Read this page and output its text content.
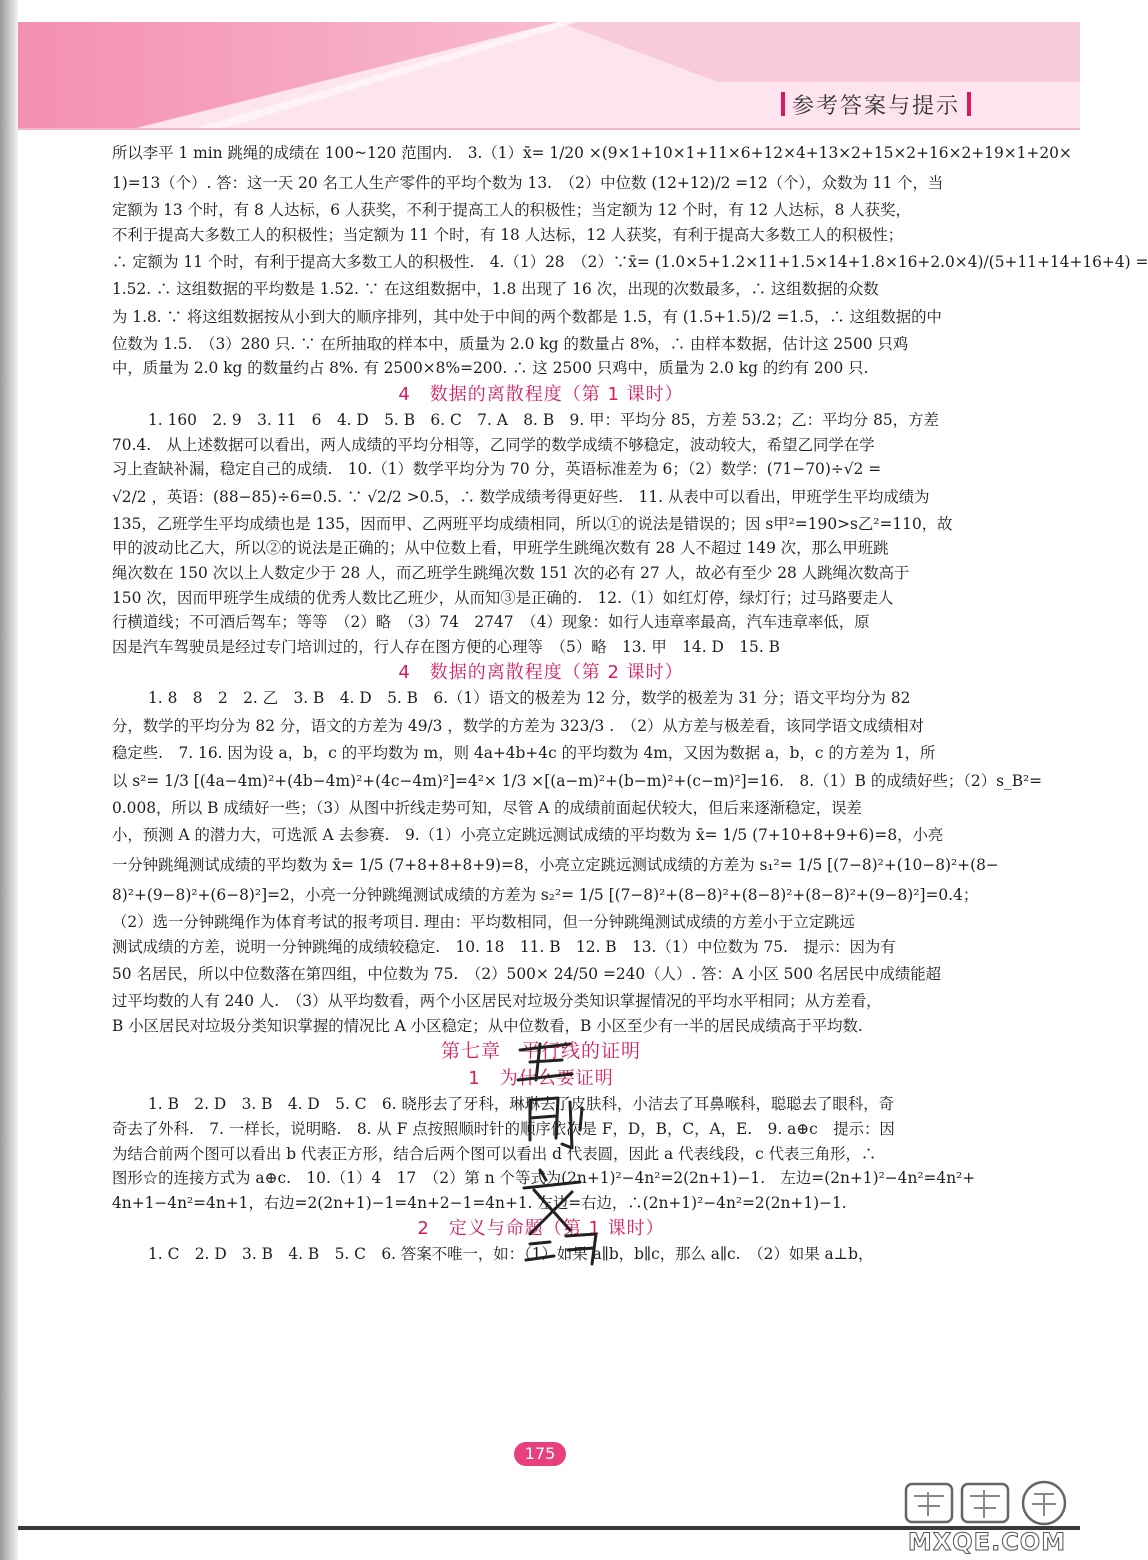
参考答案与提示
所以李平 1 min 跳绳的成绩在 100~120 范围内.　3.（1）x̄= 1/20 ×(9×1+10×1+11×6+12×4+13×2+15×2+16×2+19×1+20×
1)=13（个）. 答：这一天 20 名工人生产零件的平均个数为 13.　（2）中位数 (12+12)/2 =12（个），众数为 11 个，当
定额为 13 个时，有 8 人达标，6 人获奖，不利于提高工人的积极性；当定额为 12 个时，有 12 人达标，8 人获奖，
不利于提高大多数工人的积极性；当定额为 11 个时，有 18 人达标，12 人获奖，有利于提高大多数工人的积极性；
∴ 定额为 11 个时，有利于提高大多数工人的积极性.　4.（1）28　（2）∵x̄= (1.0×5+1.2×11+1.5×14+1.8×16+2.0×4)/(5+11+14+16+4) =
1.52. ∴ 这组数据的平均数是 1.52. ∵ 在这组数据中，1.8 出现了 16 次，出现的次数最多，∴ 这组数据的众数
为 1.8. ∵ 将这组数据按从小到大的顺序排列，其中处于中间的两个数都是 1.5，有 (1.5+1.5)/2 =1.5，∴ 这组数据的中
位数为 1.5.　（3）280 只. ∵ 在所抽取的样本中，质量为 2.0 kg 的数量占 8%，∴ 由样本数据，估计这 2500 只鸡
中，质量为 2.0 kg 的数量约占 8%. 有 2500×8%=200. ∴ 这 2500 只鸡中，质量为 2.0 kg 的约有 200 只.
4　数据的离散程度（第 1 课时）
1. 160　2. 9　3. 11　6　4. D　5. B　6. C　7. A　8. B　9. 甲：平均分 85，方差 53.2；乙：平均分 85，方差
70.4.　从上述数据可以看出，两人成绩的平均分相等，乙同学的数学成绩不够稳定，波动较大，希望乙同学在学
习上查缺补漏，稳定自己的成绩.　10.（1）数学平均分为 70 分，英语标准差为 6；（2）数学：(71−70)÷√2 =
√2/2 ，英语：(88−85)÷6=0.5. ∵ √2/2 >0.5，∴ 数学成绩考得更好些.　11. 从表中可以看出，甲班学生平均成绩为
135，乙班学生平均成绩也是 135，因而甲、乙两班平均成绩相同，所以①的说法是错误的；因 s甲²=190>s乙²=110，故
甲的波动比乙大，所以②的说法是正确的；从中位数上看，甲班学生跳绳次数有 28 人不超过 149 次，那么甲班跳
绳次数在 150 次以上人数定少于 28 人，而乙班学生跳绳次数 151 次的必有 27 人，故必有至少 28 人跳绳次数高于
150 次，因而甲班学生成绩的优秀人数比乙班少，从而知③是正确的.　12.（1）如红灯停，绿灯行；过马路要走人
行横道线；不可酒后驾车；等等　（2）略　（3）74　2747　（4）现象：如行人违章率最高，汽车违章率低，原
因是汽车驾驶员是经过专门培训过的，行人存在图方便的心理等　（5）略　13. 甲　14. D　15. B
4　数据的离散程度（第 2 课时）
1. 8　8　2　2. 乙　3. B　4. D　5. B　6.（1）语文的极差为 12 分，数学的极差为 31 分；语文平均分为 82
分，数学的平均分为 82 分，语文的方差为 49/3 ，数学的方差为 323/3 .　（2）从方差与极差看，该同学语文成绩相对
稳定些.　7. 16. 因为设 a，b，c 的平均数为 m，则 4a+4b+4c 的平均数为 4m，又因为数据 a，b，c 的方差为 1，所
以 s²= 1/3 [(4a−4m)²+(4b−4m)²+(4c−4m)²]=4²× 1/3 ×[(a−m)²+(b−m)²+(c−m)²]=16.　8.（1）B 的成绩好些；（2）s_B²=
0.008，所以 B 成绩好一些；（3）从图中折线走势可知，尽管 A 的成绩前面起伏较大，但后来逐渐稳定，误差
小，预测 A 的潜力大，可选派 A 去参赛.　9.（1）小亮立定跳远测试成绩的平均数为 x̄= 1/5 (7+10+8+9+6)=8，小亮
一分钟跳绳测试成绩的平均数为 x̄= 1/5 (7+8+8+8+9)=8，小亮立定跳远测试成绩的方差为 s₁²= 1/5 [(7−8)²+(10−8)²+(8−
8)²+(9−8)²+(6−8)²]=2，小亮一分钟跳绳测试成绩的方差为 s₂²= 1/5 [(7−8)²+(8−8)²+(8−8)²+(8−8)²+(9−8)²]=0.4；
（2）选一分钟跳绳作为体育考试的报考项目. 理由：平均数相同，但一分钟跳绳测试成绩的方差小于立定跳远
测试成绩的方差，说明一分钟跳绳的成绩较稳定.　10. 18　11. B　12. B　13.（1）中位数为 75.　提示：因为有
50 名居民，所以中位数落在第四组，中位数为 75.　（2）500× 24/50 =240（人）. 答：A 小区 500 名居民中成绩能超
过平均数的人有 240 人.　（3）从平均数看，两个小区居民对垃圾分类知识掌握情况的平均水平相同；从方差看，
B 小区居民对垃圾分类知识掌握的情况比 A 小区稳定；从中位数看，B 小区至少有一半的居民成绩高于平均数.
第七章　平行线的证明
1　为什么要证明
1. B　2. D　3. B　4. D　5. C　6. 晓彤去了牙科，琳琳去了皮肤科，小洁去了耳鼻喉科，聪聪去了眼科，奇
奇去了外科.　7. 一样长，说明略.　8. 从 F 点按照顺时针的顺序依次是 F，D，B，C，A，E.　9. a⊕c　提示：因
为结合前两个图可以看出 b 代表正方形，结合后两个图可以看出 d 代表圆，因此 a 代表线段，c 代表三角形，∴
图形☆的连接方式为 a⊕c.　10.（1）4　17　（2）第 n 个等式为(2n+1)²−4n²=2(2n+1)−1.　左边=(2n+1)²−4n²=4n²+
4n+1−4n²=4n+1，右边=2(2n+1)−1=4n+2−1=4n+1. 左边=右边，∴(2n+1)²−4n²=2(2n+1)−1.
2　定义与命题（第 1 课时）
1. C　2. D　3. B　4. B　5. C　6. 答案不唯一，如：（1）如果 a∥b，b∥c，那么 a∥c.　（2）如果 a⊥b，
175
MXQE.COM
